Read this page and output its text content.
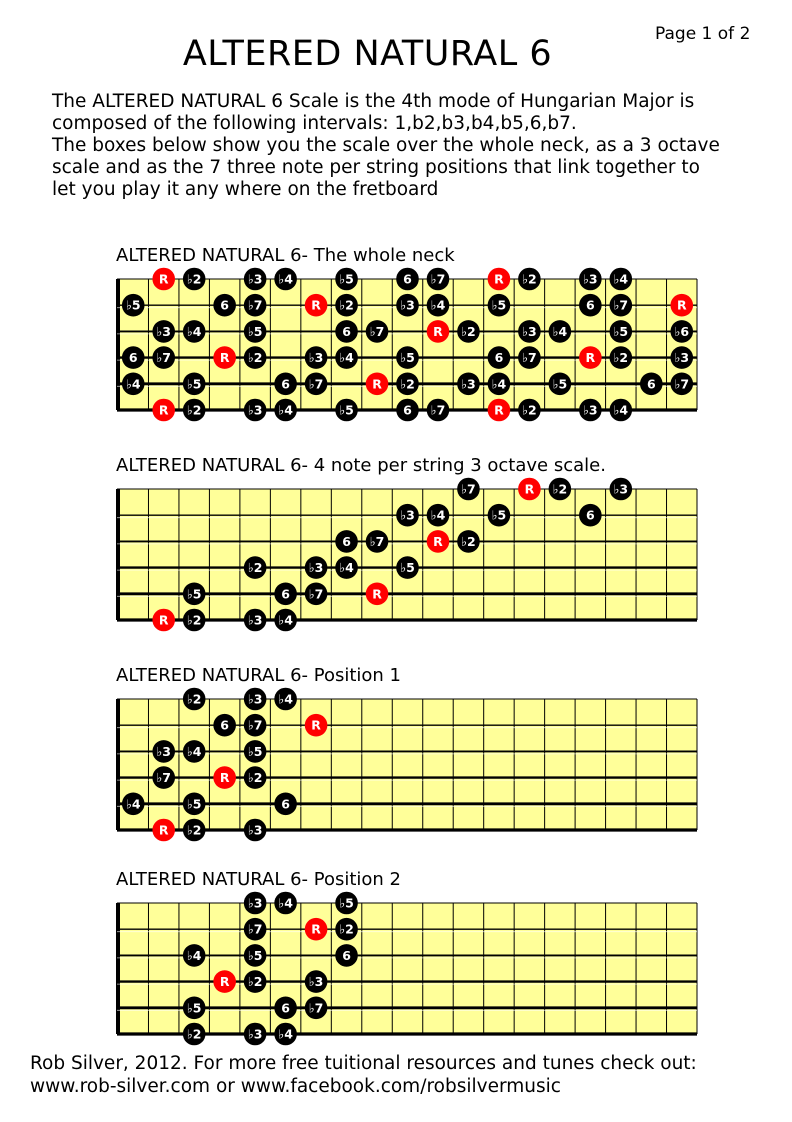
Page 1 of 2
ALTERED NATURAL 6
The ALTERED NATURAL 6 Scale is the 4th mode of Hungarian Major is
composed of the following intervals: 1,b2,b3,b4,b5,6,b7.
The boxes below show you the scale over the whole neck, as a 3 octave
scale and as the 7 three note per string positions that link together to
let you play it any where on the fretboard
ALTERED NATURAL 6- The whole neck
ALTERED NATURAL 6- 4 note per string 3 octave scale.
ALTERED NATURAL 6- Position 1
ALTERED NATURAL 6- Position 2
R ♭2	♭3 ♭4	♭5	6 ♭7	R ♭2	♭3 ♭4
♭5	6 ♭7	R ♭2	♭3 ♭4	♭5	6 ♭7	R
♭3 ♭4	♭5	6 ♭7	R ♭2	♭3 ♭4	♭5	♭6
6 ♭7	R ♭2	♭3 ♭4	♭5	6 ♭7	R ♭2	♭3
♭4	♭5	6 ♭7	R ♭2	♭3 ♭4	♭5	6 ♭7
R ♭2	♭3 ♭4	♭5	6 ♭7	R ♭2	♭3 ♭4
♭7	R ♭2	♭3
♭3 ♭4	♭5	6
6 ♭7	R ♭2
♭2	♭3 ♭4	♭5
♭5	6 ♭7	R
R ♭2	♭3 ♭4
♭2	♭3 ♭4
6 ♭7	R
♭3 ♭4	♭5
♭7	R ♭2
♭4	♭5	6
R ♭2	♭3
♭3 ♭4	♭5
♭7	R ♭2
♭4	♭5	6
R ♭2	♭3
♭5	6 ♭7
♭2	♭3 ♭4
Rob Silver, 2012. For more free tuitional resources and tunes check out:
www.rob-silver.com or www.facebook.com/robsilvermusic
